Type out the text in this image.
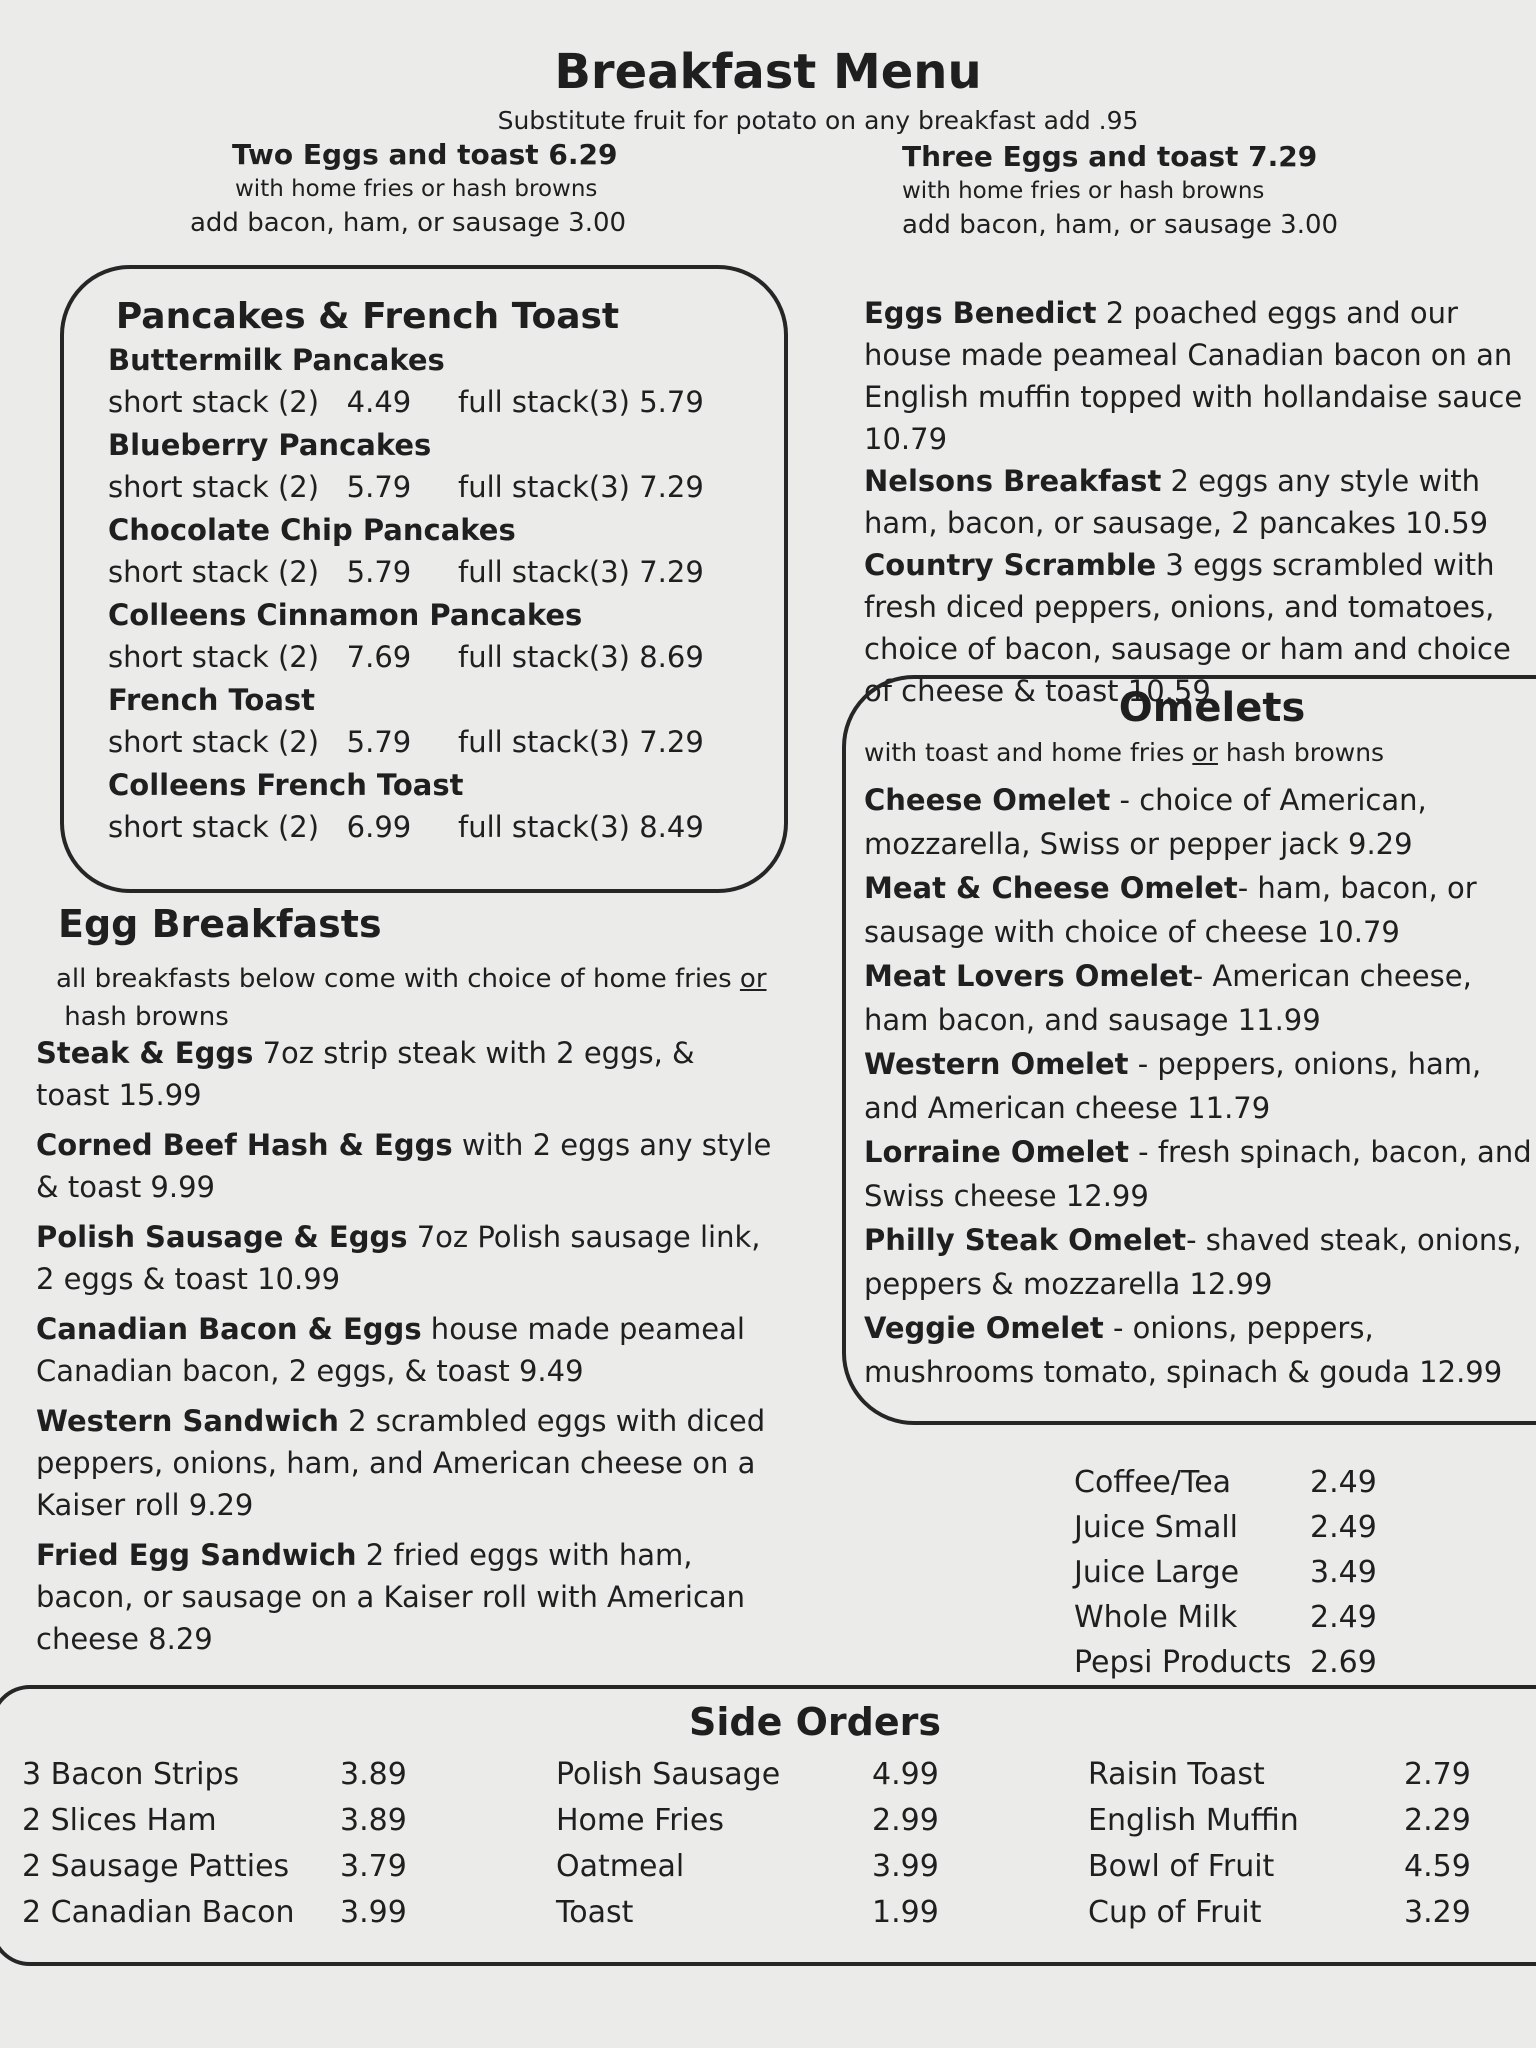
Breakfast Menu
Substitute fruit for potato on any breakfast add .95
Two Eggs and toast 6.29
with home fries or hash browns
add bacon, ham, or sausage 3.00
Three Eggs and toast 7.29
with home fries or hash browns
add bacon, ham, or sausage 3.00
Pancakes & French Toast
Buttermilk Pancakes
short stack (2)   4.49 full stack(3) 5.79
Blueberry Pancakes
short stack (2)   5.79 full stack(3) 7.29
Chocolate Chip Pancakes
short stack (2)   5.79 full stack(3) 7.29
Colleens Cinnamon Pancakes
short stack (2)   7.69 full stack(3) 8.69
French Toast
short stack (2)   5.79 full stack(3) 7.29
Colleens French Toast
short stack (2)   6.99 full stack(3) 8.49

Eggs Benedict 2 poached eggs and our house made peameal Canadian bacon on an English muffin topped with hollandaise sauce 10.79

Nelsons Breakfast 2 eggs any style with ham, bacon, or sausage, 2 pancakes 10.59

Country Scramble 3 eggs scrambled with fresh diced peppers, onions, and tomatoes, choice of bacon, sausage or ham and choice of cheese & toast 10.59

Omelets
with toast and home fries or hash browns

Cheese Omelet - choice of American, mozzarella, Swiss or pepper jack 9.29

Meat & Cheese Omelet- ham, bacon, or sausage with choice of cheese 10.79

Meat Lovers Omelet- American cheese, ham bacon, and sausage 11.99

Western Omelet - peppers, onions, ham, and American cheese 11.79

Lorraine Omelet - fresh spinach, bacon, and Swiss cheese 12.99

Philly Steak Omelet- shaved steak, onions, peppers & mozzarella 12.99

Veggie Omelet - onions, peppers, mushrooms tomato, spinach & gouda 12.99

Egg Breakfasts
all breakfasts below come with choice of home fries or hash browns

Steak & Eggs 7oz strip steak with 2 eggs, & toast 15.99

Corned Beef Hash & Eggs with 2 eggs any style & toast 9.99

Polish Sausage & Eggs 7oz Polish sausage link, 2 eggs & toast 10.99

Canadian Bacon & Eggs house made peameal Canadian bacon, 2 eggs, & toast 9.49

Western Sandwich 2 scrambled eggs with diced peppers, onions, ham, and American cheese on a Kaiser roll 9.29

Fried Egg Sandwich 2 fried eggs with ham, bacon, or sausage on a Kaiser roll with American cheese 8.29

Coffee/Tea	2.49
Juice Small 2.49
Juice Large 3.49
Whole Milk 2.49
Pepsi Products 2.69
Side Orders
3 Bacon Strips	3.89
2 Slices Ham	3.89
2 Sausage Patties 3.79
2 Canadian Bacon 3.99
Polish Sausage	4.99
Home Fries	2.99
Oatmeal	3.99
Toast	1.99
Raisin Toast	2.79
English Muffin	2.29
Bowl of Fruit	4.59
Cup of Fruit	3.29
